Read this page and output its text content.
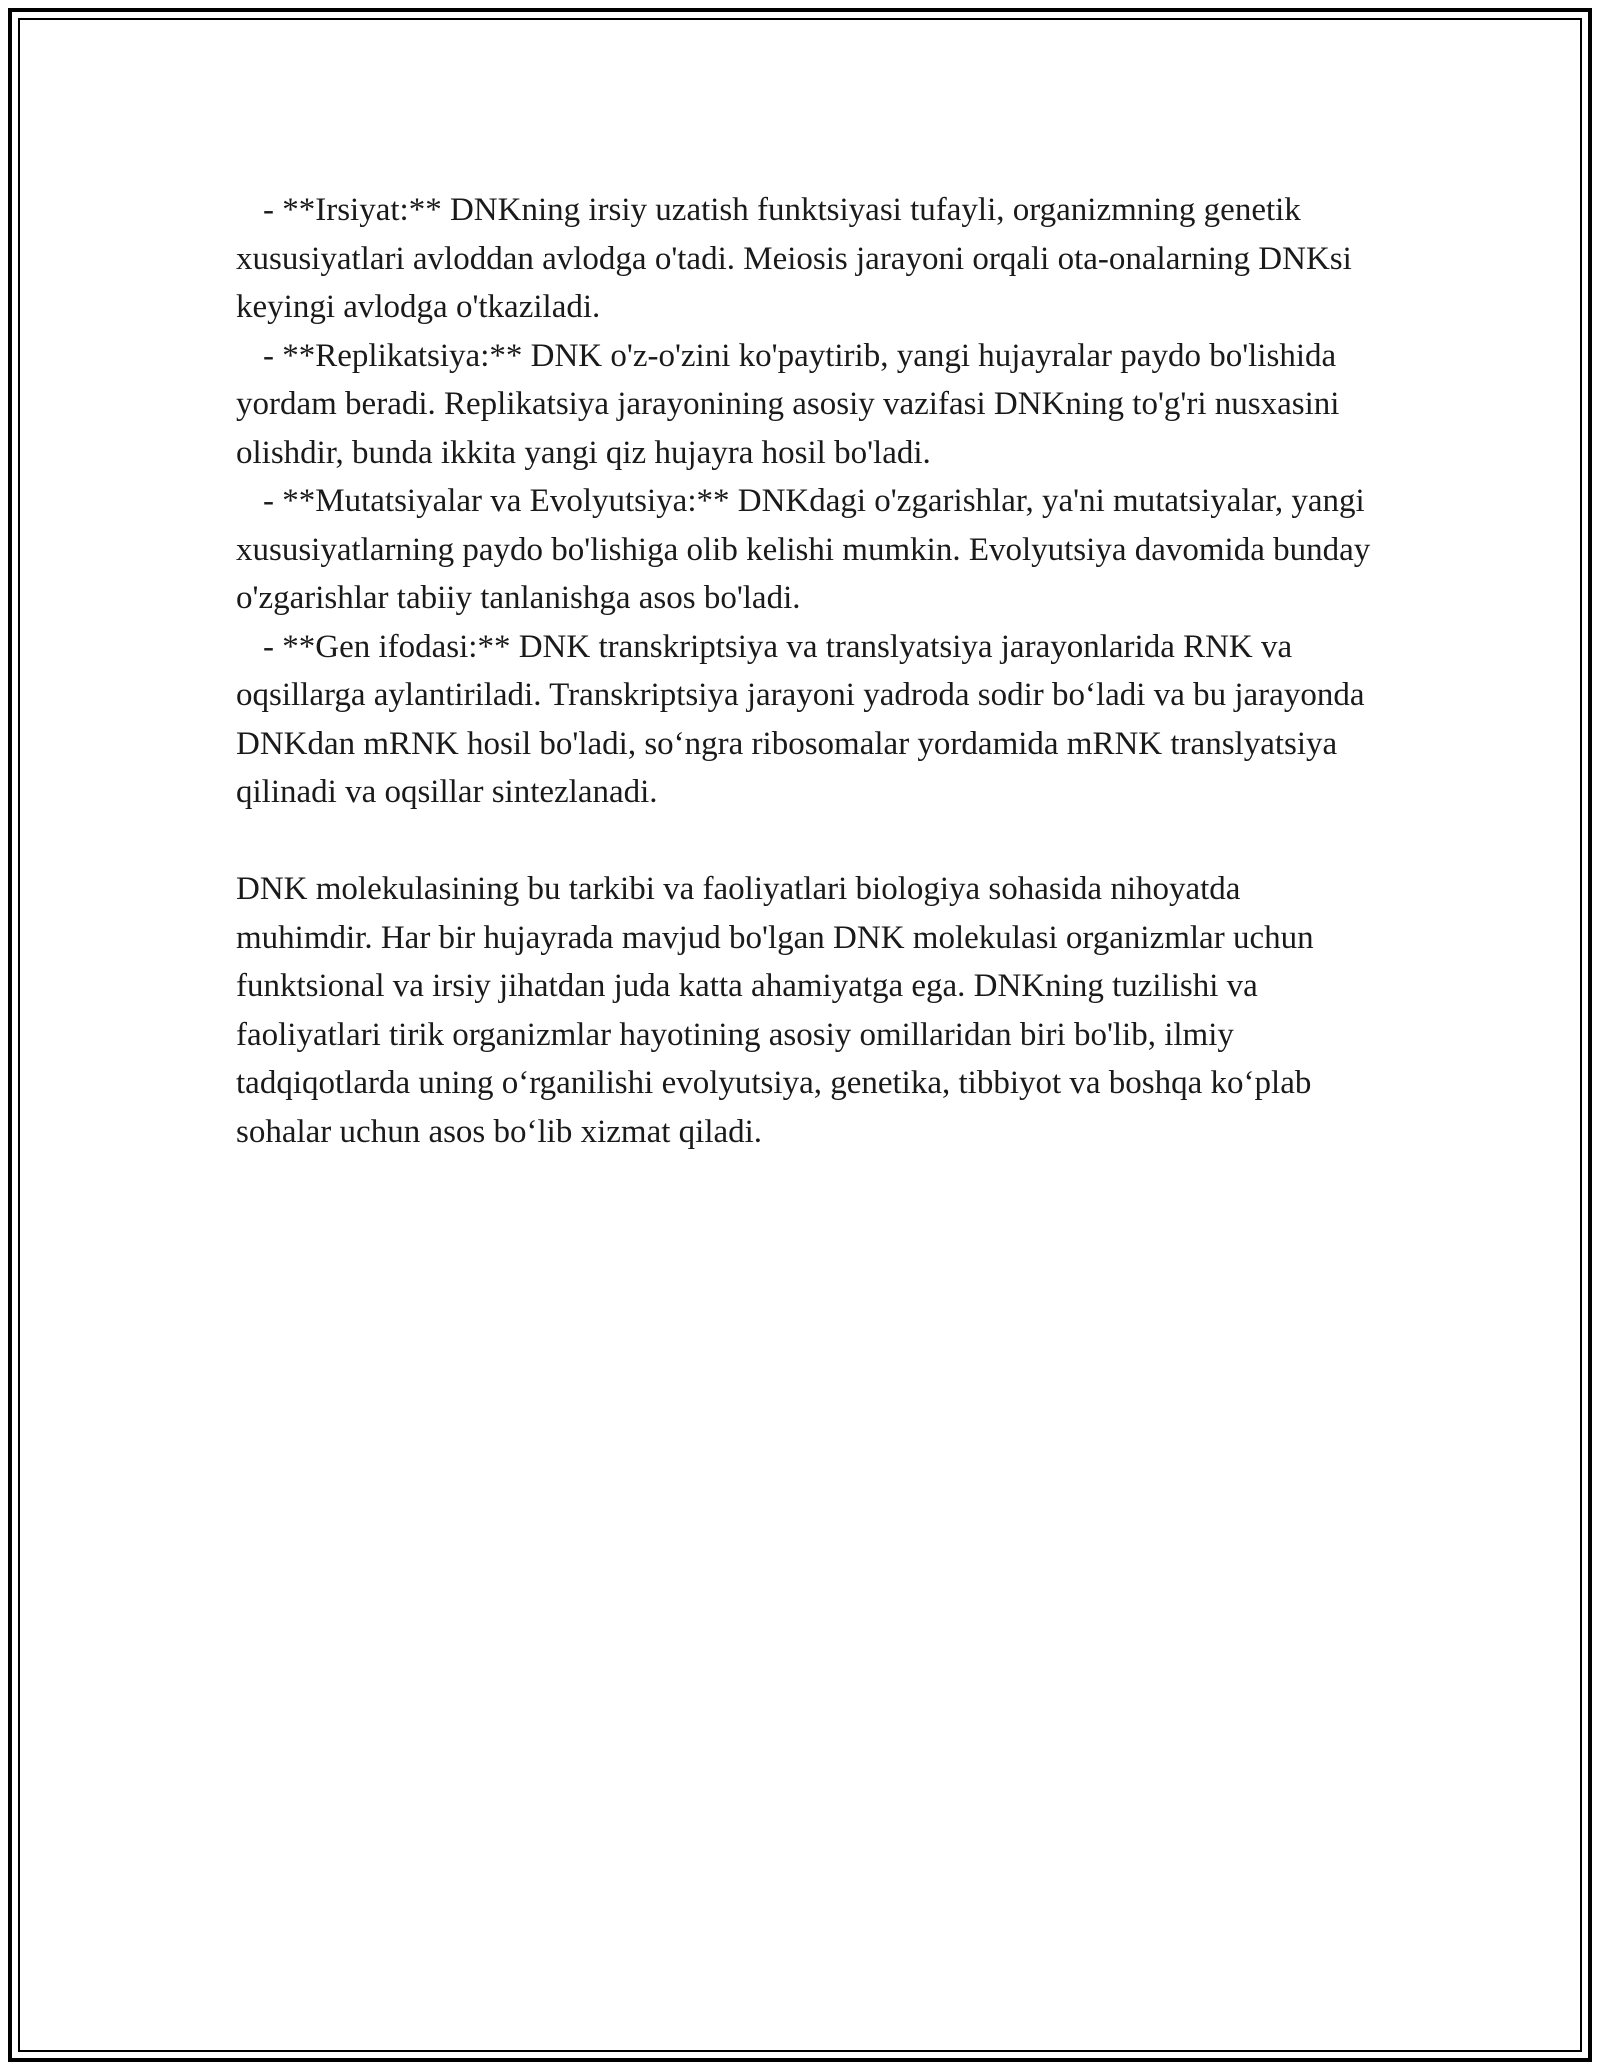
- **Irsiyat:** DNKning irsiy uzatish funktsiyasi tufayli, organizmning genetik xususiyatlari avloddan avlodga o'tadi. Meiosis jarayoni orqali ota-onalarning DNKsi keyingi avlodga o'tkaziladi.

- **Replikatsiya:** DNK o'z-o'zini ko'paytirib, yangi hujayralar paydo bo'lishida yordam beradi. Replikatsiya jarayonining asosiy vazifasi DNKning to'g'ri nusxasini olishdir, bunda ikkita yangi qiz hujayra hosil bo'ladi.

- **Mutatsiyalar va Evolyutsiya:** DNKdagi o'zgarishlar, ya'ni mutatsiyalar, yangi xususiyatlarning paydo bo'lishiga olib kelishi mumkin. Evolyutsiya davomida bunday o'zgarishlar tabiiy tanlanishga asos bo'ladi.

- **Gen ifodasi:** DNK transkriptsiya va translyatsiya jarayonlarida RNK va oqsillarga aylantiriladi. Transkriptsiya jarayoni yadroda sodir bo‘ladi va bu jarayonda DNKdan mRNK hosil bo'ladi, so‘ngra ribosomalar yordamida mRNK translyatsiya qilinadi va oqsillar sintezlanadi.

DNK molekulasining bu tarkibi va faoliyatlari biologiya sohasida nihoyatda muhimdir. Har bir hujayrada mavjud bo'lgan DNK molekulasi organizmlar uchun funktsional va irsiy jihatdan juda katta ahamiyatga ega. DNKning tuzilishi va faoliyatlari tirik organizmlar hayotining asosiy omillaridan biri bo'lib, ilmiy tadqiqotlarda uning o‘rganilishi evolyutsiya, genetika, tibbiyot va boshqa ko‘plab sohalar uchun asos bo‘lib xizmat qiladi.
